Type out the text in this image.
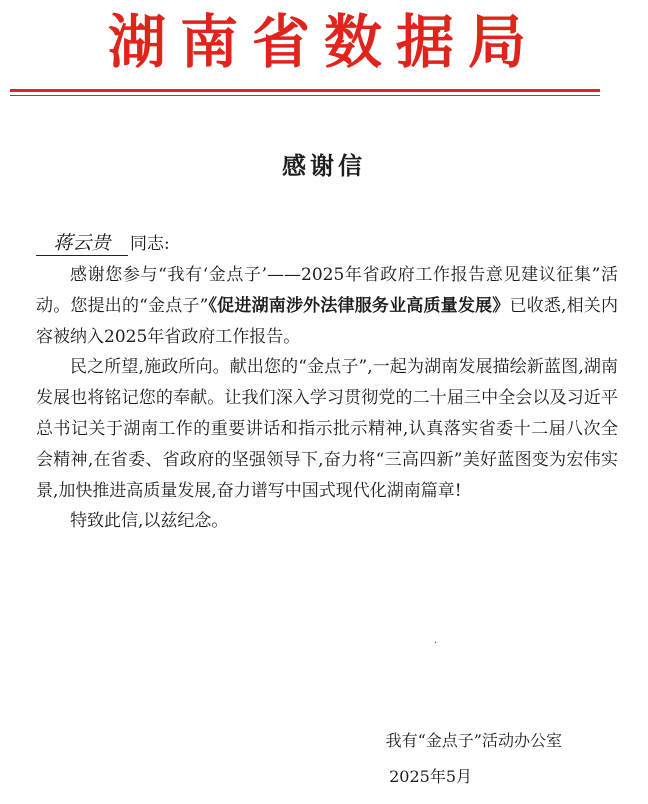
湖南省数据局
感谢信
蒋云贵 同志:

感谢您参与“我有‘金点子’——2025年省政府工作报告意见建议征集”活动。您提出的“金点子”《促进湖南涉外法律服务业高质量发展》已收悉,相关内容被纳入2025年省政府工作报告。

民之所望,施政所向。献出您的“金点子”,一起为湖南发展描绘新蓝图,湖南发展也将铭记您的奉献。让我们深入学习贯彻党的二十届三中全会以及习近平总书记关于湖南工作的重要讲话和指示批示精神,认真落实省委十二届八次全会精神,在省委、省政府的坚强领导下,奋力将“三高四新”美好蓝图变为宏伟实景,加快推进高质量发展,奋力谱写中国式现代化湖南篇章!

特致此信,以兹纪念。

·
我有“金点子”活动办公室
2025年5月
